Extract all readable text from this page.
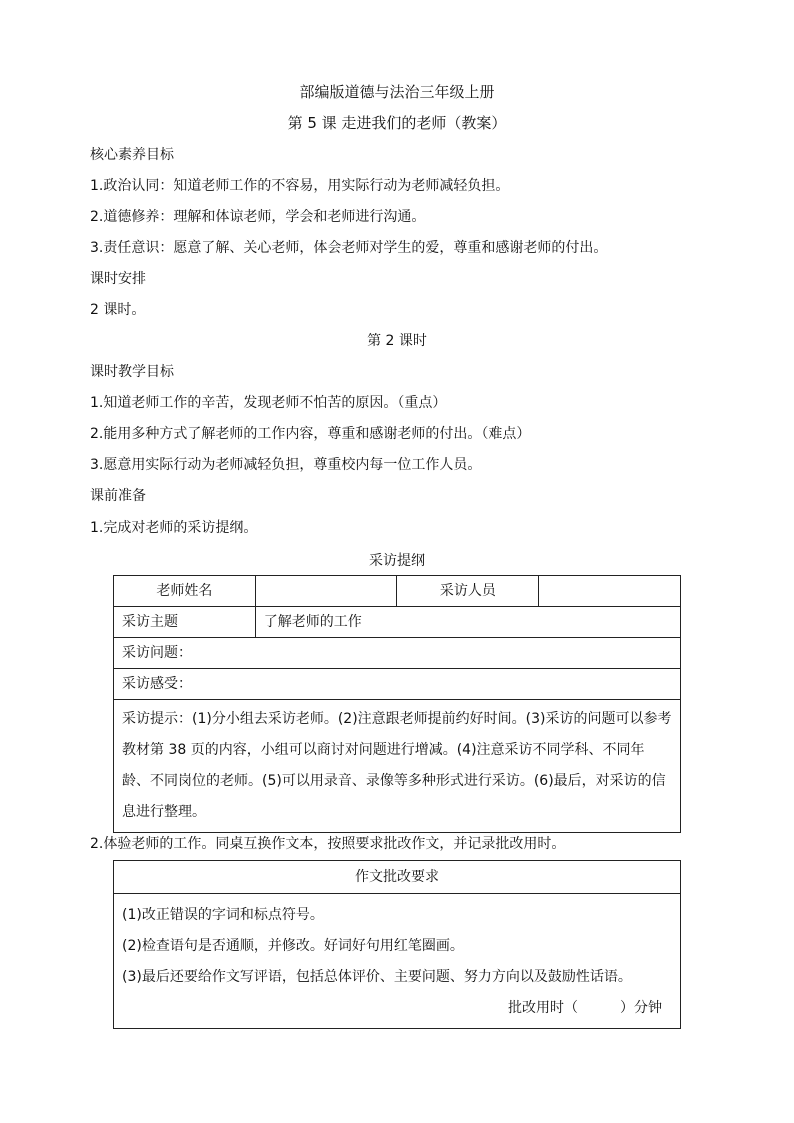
部编版道德与法治三年级上册
第 5 课 走进我们的老师（教案）
核心素养目标
1.政治认同：知道老师工作的不容易，用实际行动为老师减轻负担。
2.道德修养：理解和体谅老师，学会和老师进行沟通。
3.责任意识：愿意了解、关心老师，体会老师对学生的爱，尊重和感谢老师的付出。
课时安排
2 课时。
第 2 课时
课时教学目标
1.知道老师工作的辛苦，发现老师不怕苦的原因。（重点）
2.能用多种方式了解老师的工作内容，尊重和感谢老师的付出。（难点）
3.愿意用实际行动为老师减轻负担，尊重校内每一位工作人员。
课前准备
1.完成对老师的采访提纲。
采访提纲
老师姓名		采访人员	
采访主题	了解老师的工作		
采访问题：			
采访感受：			
采访提示：(1)分小组去采访老师。(2)注意跟老师提前约好时间。(3)采访的问题可以参考教材第 38 页的内容，小组可以商讨对问题进行增减。(4)注意采访不同学科、不同年龄、不同岗位的老师。(5)可以用录音、录像等多种形式进行采访。(6)最后，对采访的信息进行整理。			
2.体验老师的工作。同桌互换作文本，按照要求批改作文，并记录批改用时。
作文批改要求

(1)改正错误的字词和标点符号。
(2)检查语句是否通顺，并修改。好词好句用红笔圈画。
(3)最后还要给作文写评语，包括总体评价、主要问题、努力方向以及鼓励性话语。
批改用时（　　　）分钟
